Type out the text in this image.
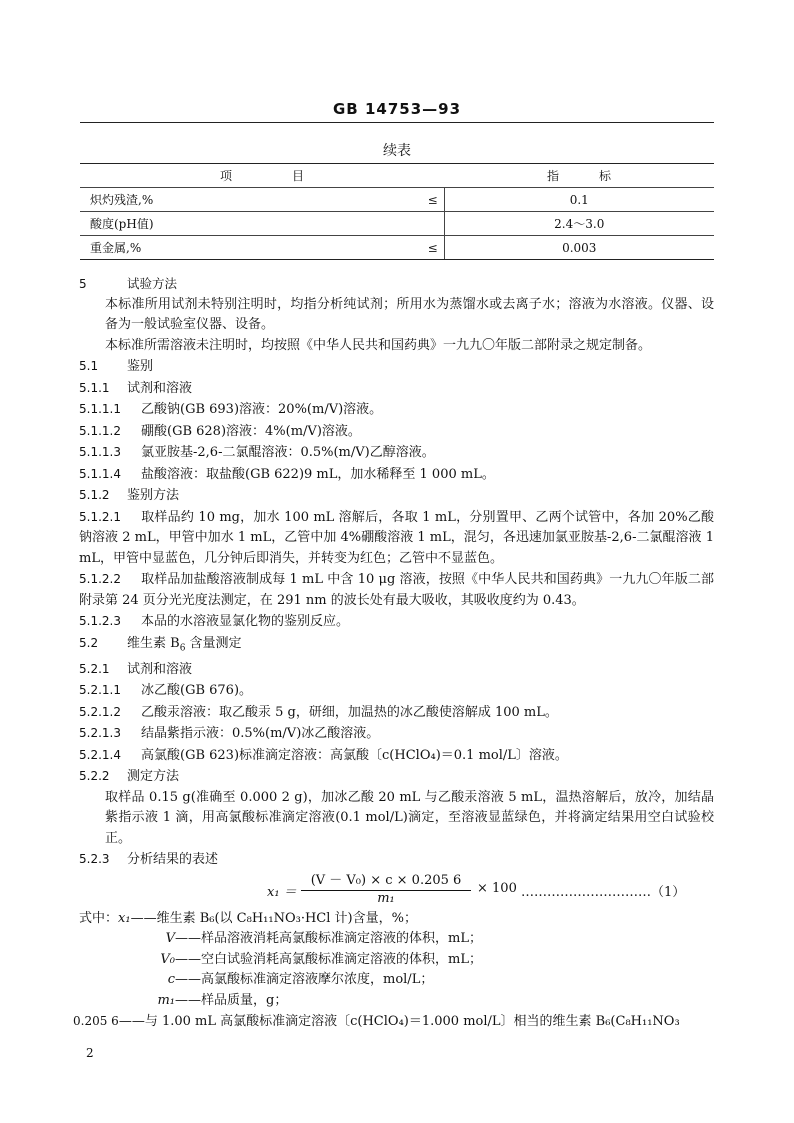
GB 14753—93
续表
项目		指标
炽灼残渣,%	≤	0.1
酸度(pH值)		2.4～3.0
重金属,%	≤	0.003
5	试验方法
本标准所用试剂未特别注明时，均指分析纯试剂；所用水为蒸馏水或去离子水；溶液为水溶液。仪器、设备为一般试验室仪器、设备。
本标准所需溶液未注明时，均按照《中华人民共和国药典》一九九〇年版二部附录之规定制备。
5.1 鉴别
5.1.1 试剂和溶液
5.1.1.1 乙酸钠(GB 693)溶液：20%(m/V)溶液。
5.1.1.2 硼酸(GB 628)溶液：4%(m/V)溶液。
5.1.1.3 氯亚胺基-2,6-二氯醌溶液：0.5%(m/V)乙醇溶液。
5.1.1.4 盐酸溶液：取盐酸(GB 622)9 mL，加水稀释至 1 000 mL。
5.1.2 鉴别方法
5.1.2.1 取样品约 10 mg，加水 100 mL 溶解后，各取 1 mL，分别置甲、乙两个试管中，各加 20%乙酸钠溶液 2 mL，甲管中加水 1 mL，乙管中加 4%硼酸溶液 1 mL，混匀，各迅速加氯亚胺基-2,6-二氯醌溶液 1 mL，甲管中显蓝色，几分钟后即消失，并转变为红色；乙管中不显蓝色。
5.1.2.2 取样品加盐酸溶液制成每 1 mL 中含 10 μg 溶液，按照《中华人民共和国药典》一九九〇年版二部附录第 24 页分光光度法测定，在 291 nm 的波长处有最大吸收，其吸收度约为 0.43。
5.1.2.3 本品的水溶液显氯化物的鉴别反应。
5.2 维生素 $B_6$ 含量测定
5.2.1 试剂和溶液
5.2.1.1 冰乙酸(GB 676)。
5.2.1.2 乙酸汞溶液：取乙酸汞 5 g，研细，加温热的冰乙酸使溶解成 100 mL。
5.2.1.3 结晶紫指示液：0.5%(m/V)冰乙酸溶液。
5.2.1.4 高氯酸(GB 623)标准滴定溶液：高氯酸〔c(HClO₄)＝0.1 mol/L〕溶液。
5.2.2 测定方法
取样品 0.15 g(准确至 0.000 2 g)，加冰乙酸 20 mL 与乙酸汞溶液 5 mL，温热溶解后，放冷，加结晶紫指示液 1 滴，用高氯酸标准滴定溶液(0.1 mol/L)滴定，至溶液显蓝绿色，并将滴定结果用空白试验校正。
5.2.3 分析结果的表述
x₁ ＝
(V － V₀) × c × 0.205 6
m₁
× 100 …………………………（1）
式中：x₁——维生素 B₆(以 C₈H₁₁NO₃·HCl 计)含量，%；
V——样品溶液消耗高氯酸标准滴定溶液的体积，mL；
V₀——空白试验消耗高氯酸标准滴定溶液的体积，mL；
c——高氯酸标准滴定溶液摩尔浓度，mol/L；
m₁——样品质量，g；
0.205 6——与 1.00 mL 高氯酸标准滴定溶液〔c(HClO₄)＝1.000 mol/L〕相当的维生素 B₆(C₈H₁₁NO₃
2
